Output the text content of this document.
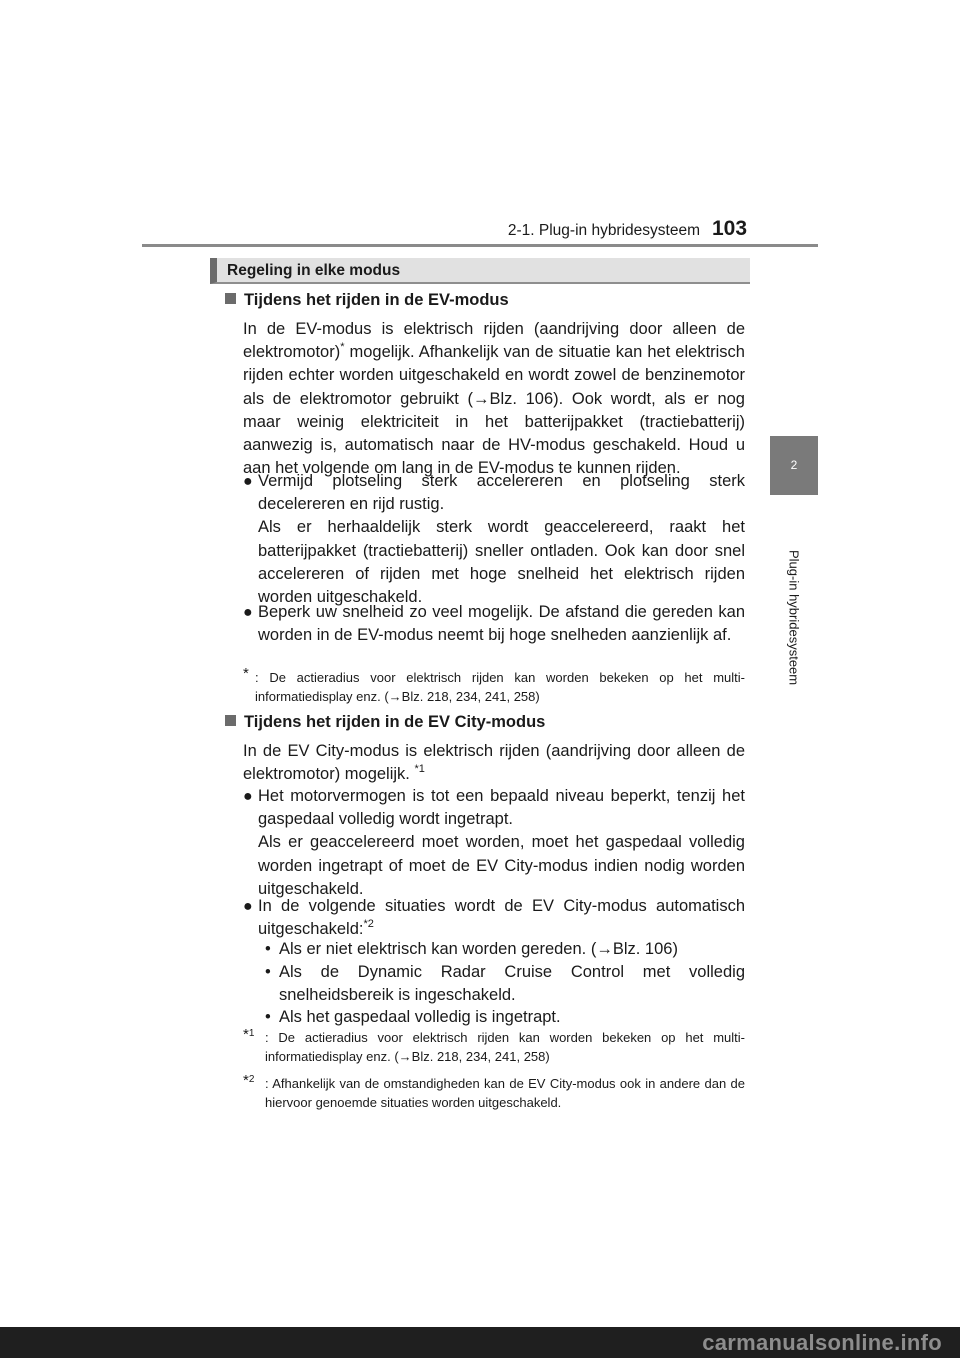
2-1. Plug-in hybridesysteem 103
2
Plug-in hybridesysteem
Regeling in elke modus
Tijdens het rijden in de EV-modus
In de EV-modus is elektrisch rijden (aandrijving door alleen de elektromotor)* mogelijk. Afhankelijk van de situatie kan het elektrisch rijden echter worden uitgeschakeld en wordt zowel de benzinemotor als de elektromotor gebruikt (→Blz. 106). Ook wordt, als er nog maar weinig elektriciteit in het batterijpakket (tractiebatterij) aanwezig is, automatisch naar de HV-modus geschakeld. Houd u aan het volgende om lang in de EV-modus te kunnen rijden.
● Vermijd plotseling sterk accelereren en plotseling sterk decelereren en rijd rustig.
Als er herhaaldelijk sterk wordt geaccelereerd, raakt het batterijpakket (tractiebatterij) sneller ontladen. Ook kan door snel accelereren of rijden met hoge snelheid het elektrisch rijden worden uitgeschakeld.
● Beperk uw snelheid zo veel mogelijk. De afstand die gereden kan worden in de EV-modus neemt bij hoge snelheden aanzienlijk af.
* : De actieradius voor elektrisch rijden kan worden bekeken op het multi-informatiedisplay enz. (→Blz. 218, 234, 241, 258)
Tijdens het rijden in de EV City-modus
In de EV City-modus is elektrisch rijden (aandrijving door alleen de elektromotor) mogelijk. $^{*1}$
● Het motorvermogen is tot een bepaald niveau beperkt, tenzij het gaspedaal volledig wordt ingetrapt.
Als er geaccelereerd moet worden, moet het gaspedaal volledig worden ingetrapt of moet de EV City-modus indien nodig worden uitgeschakeld.
● In de volgende situaties wordt de EV City-modus automatisch uitgeschakeld:$^{*2}$
• Als er niet elektrisch kan worden gereden. (→Blz. 106)
• Als de Dynamic Radar Cruise Control met volledig snelheidsbereik is ingeschakeld.
• Als het gaspedaal volledig is ingetrapt.
*$^1$ : De actieradius voor elektrisch rijden kan worden bekeken op het multi-informatiedisplay enz. (→Blz. 218, 234, 241, 258)
*$^2$ : Afhankelijk van de omstandigheden kan de EV City-modus ook in andere dan de hiervoor genoemde situaties worden uitgeschakeld.
carmanualsonline.info
